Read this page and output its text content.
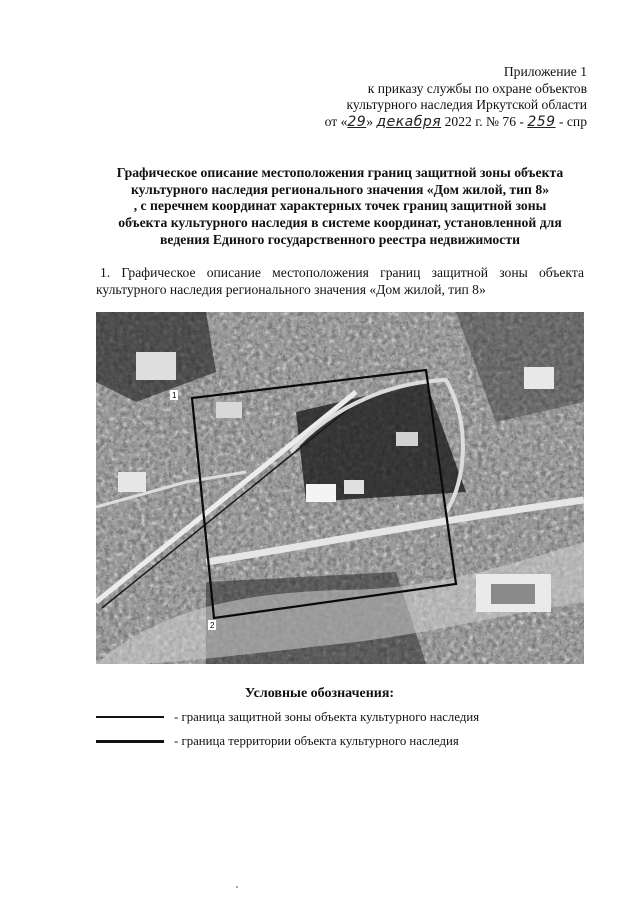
Приложение 1
к приказу службы по охране объектов
культурного наследия Иркутской области
от «29» декабря 2022 г. № 76 - 259 - спр
Графическое описание местоположения границ защитной зоны объекта
культурного наследия регионального значения «Дом жилой, тип 8»
, с перечнем координат характерных точек границ защитной зоны
объекта культурного наследия в системе координат, установленной для
ведения Единого государственного реестра недвижимости
1. Графическое описание местоположения границ защитной зоны объекта культурного наследия регионального значения «Дом жилой, тип 8»
1
2
Условные обозначения:
- граница защитной зоны объекта культурного наследия
- граница территории объекта культурного наследия
